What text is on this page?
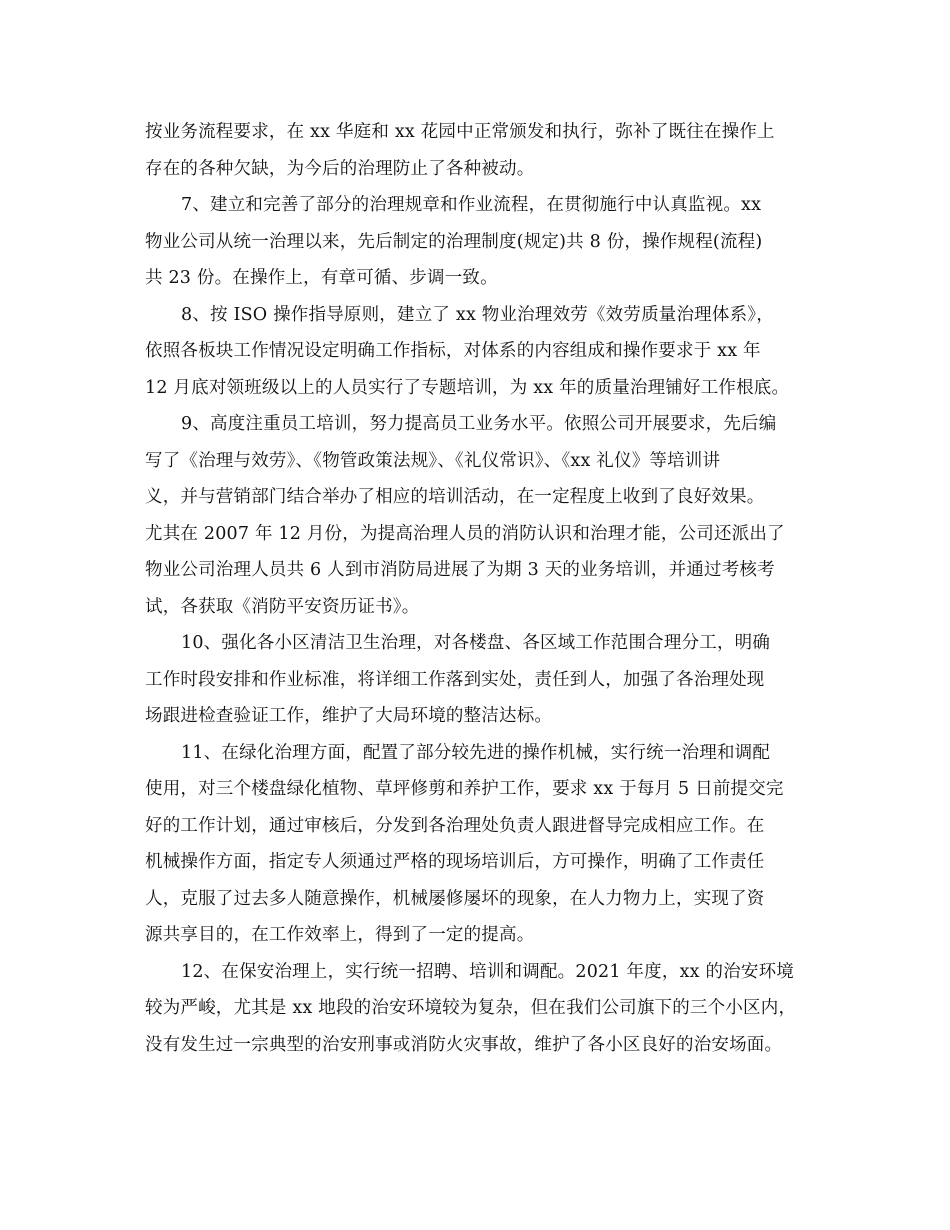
按业务流程要求，在 xx 华庭和 xx 花园中正常颁发和执行，弥补了既往在操作上
存在的各种欠缺，为今后的治理防止了各种被动。
7、建立和完善了部分的治理规章和作业流程，在贯彻施行中认真监视。xx
物业公司从统一治理以来，先后制定的治理制度(规定)共 8 份，操作规程(流程)
共 23 份。在操作上，有章可循、步调一致。
8、按 ISO 操作指导原则，建立了 xx 物业治理效劳《效劳质量治理体系》，
依照各板块工作情况设定明确工作指标，对体系的内容组成和操作要求于 xx 年
12 月底对领班级以上的人员实行了专题培训，为 xx 年的质量治理铺好工作根底。
9、高度注重员工培训，努力提高员工业务水平。依照公司开展要求，先后编
写了《治理与效劳》、《物管政策法规》、《礼仪常识》、《xx 礼仪》等培训讲
义，并与营销部门结合举办了相应的培训活动，在一定程度上收到了良好效果。
尤其在 2007 年 12 月份，为提高治理人员的消防认识和治理才能，公司还派出了
物业公司治理人员共 6 人到市消防局进展了为期 3 天的业务培训，并通过考核考
试，各获取《消防平安资历证书》。
10、强化各小区清洁卫生治理，对各楼盘、各区域工作范围合理分工，明确
工作时段安排和作业标准，将详细工作落到实处，责任到人，加强了各治理处现
场跟进检查验证工作，维护了大局环境的整洁达标。
11、在绿化治理方面，配置了部分较先进的操作机械，实行统一治理和调配
使用，对三个楼盘绿化植物、草坪修剪和养护工作，要求 xx 于每月 5 日前提交完
好的工作计划，通过审核后，分发到各治理处负责人跟进督导完成相应工作。在
机械操作方面，指定专人须通过严格的现场培训后，方可操作，明确了工作责任
人，克服了过去多人随意操作，机械屡修屡坏的现象，在人力物力上，实现了资
源共享目的，在工作效率上，得到了一定的提高。
12、在保安治理上，实行统一招聘、培训和调配。2021 年度，xx 的治安环境
较为严峻，尤其是 xx 地段的治安环境较为复杂，但在我们公司旗下的三个小区内，
没有发生过一宗典型的治安刑事或消防火灾事故，维护了各小区良好的治安场面。
